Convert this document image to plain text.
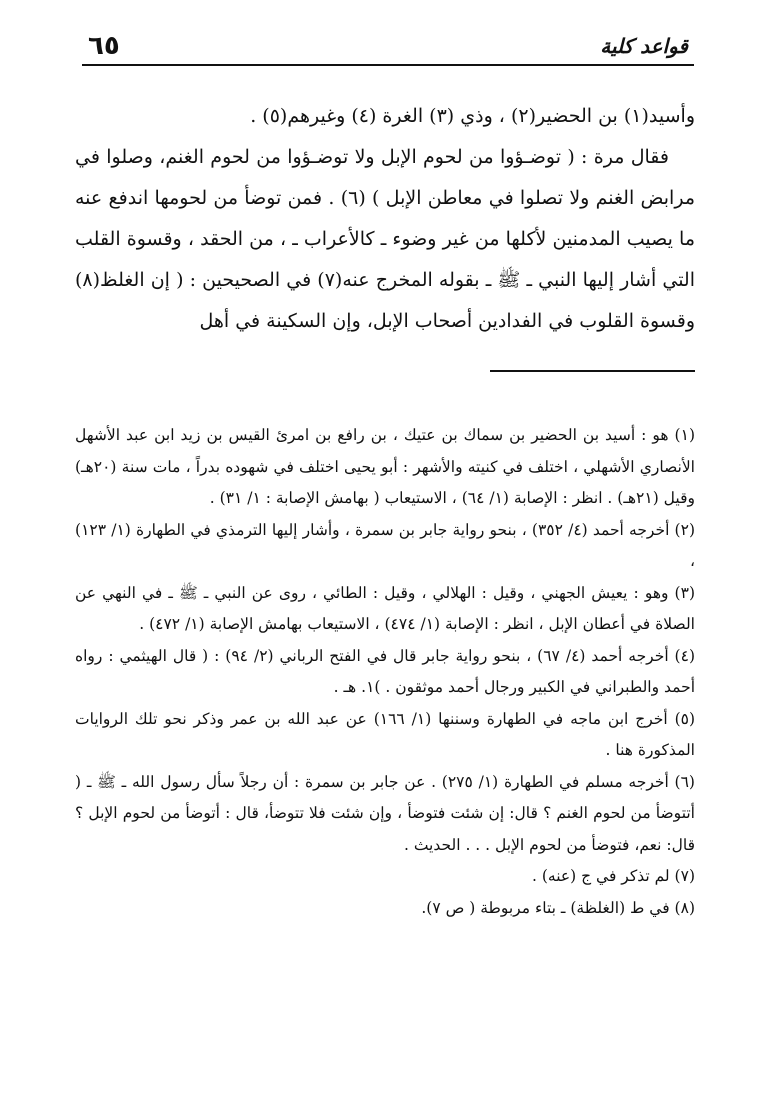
٦٥	قواعد كلية

وأسيد(١) بن الحضير(٢) ، وذي (٣) الغرة (٤) وغيرهم(٥) .

فقال مرة : ( توضـؤوا من لحوم الإبل ولا توضـؤوا من لحوم الغنم، وصلوا في مرابض الغنم ولا تصلوا في معاطن الإبل ) (٦) . فمن توضأ من لحومها اندفع عنه ما يصيب المدمنين لأكلها من غير وضوء ـ كالأعراب ـ ، من الحقد ، وقسوة القلب التي أشار إليها النبي ـ ﷺ ـ بقوله المخرج عنه(٧) في الصحيحين : ( إن الغلظ(٨) وقسوة القلوب في الفدادين أصحاب الإبل، وإن السكينة في أهل

(١) هو : أسيد بن الحضير بن سماك بن عتيك ، بن رافع بن امرئ القيس بن زيد ابن عبد الأشهل الأنصاري الأشهلي ، اختلف في كنيته والأشهر : أبو يحيى اختلف في شهوده بدراً ، مات سنة (٢٠هـ) وقيل (٢١هـ) . انظر : الإصابة (١/ ٦٤) ، الاستيعاب ( بهامش الإصابة : ١/ ٣١) .

(٢) أخرجه أحمد (٤/ ٣٥٢) ، بنحو رواية جابر بن سمرة ، وأشار إليها الترمذي في الطهارة (١/ ١٢٣) ،

(٣) وهو : يعيش الجهني ، وقيل : الهلالي ، وقيل : الطائي ، روى عن النبي ـ ﷺ ـ في النهي عن الصلاة في أعطان الإبل ، انظر : الإصابة (١/ ٤٧٤) ، الاستيعاب بهامش الإصابة (١/ ٤٧٢) .

(٤) أخرجه أحمد (٤/ ٦٧) ، بنحو رواية جابر قال في الفتح الرباني (٢/ ٩٤) : ( قال الهيثمي : رواه أحمد والطبراني في الكبير ورجال أحمد موثقون . )١. هـ .

(٥) أخرج ابن ماجه في الطهارة وسننها (١/ ١٦٦) عن عبد الله بن عمر وذكر نحو تلك الروايات المذكورة هنا .

(٦) أخرجه مسلم في الطهارة (١/ ٢٧٥) . عن جابر بن سمرة : أن رجلاً سأل رسول الله ـ ﷺ ـ ( أتتوضأ من لحوم الغنم ؟ قال: إن شئت فتوضأ ، وإن شئت فلا تتوضأ، قال : أتوضأ من لحوم الإبل ؟ قال: نعم، فتوضأ من لحوم الإبل . . . الحديث .

(٧) لم تذكر في ج (عنه) .

(٨) في ط (الغلظة) ـ بتاء مربوطة ( ص ٧).
